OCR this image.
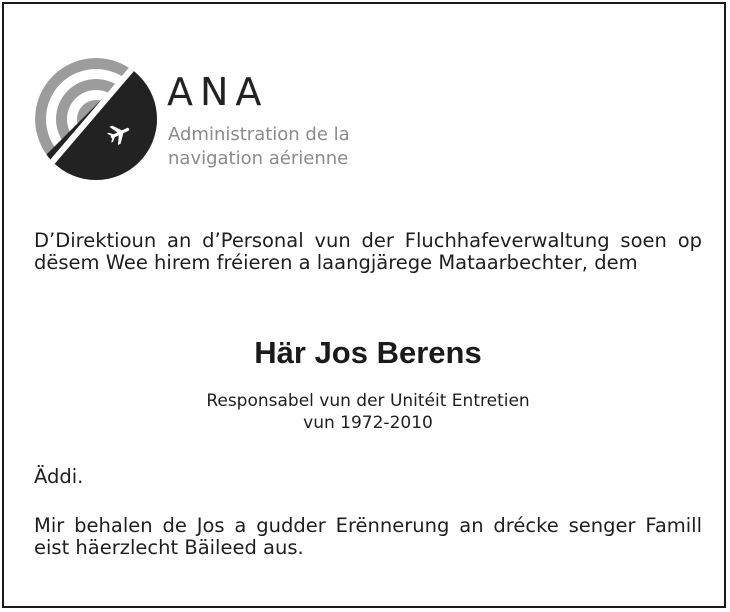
ANA
Administration de la
navigation aérienne
D’Direktioun an d’Personal vun der Fluchhafeverwaltung soen op dësem Wee hirem fréieren a laangjärege Mataarbechter, dem
Här Jos Berens
Responsabel vun der Unitéit Entretien
vun 1972-2010
Äddi.
Mir behalen de Jos a gudder Erënnerung an drécke senger Famill eist häerzlecht Bäileed aus.
